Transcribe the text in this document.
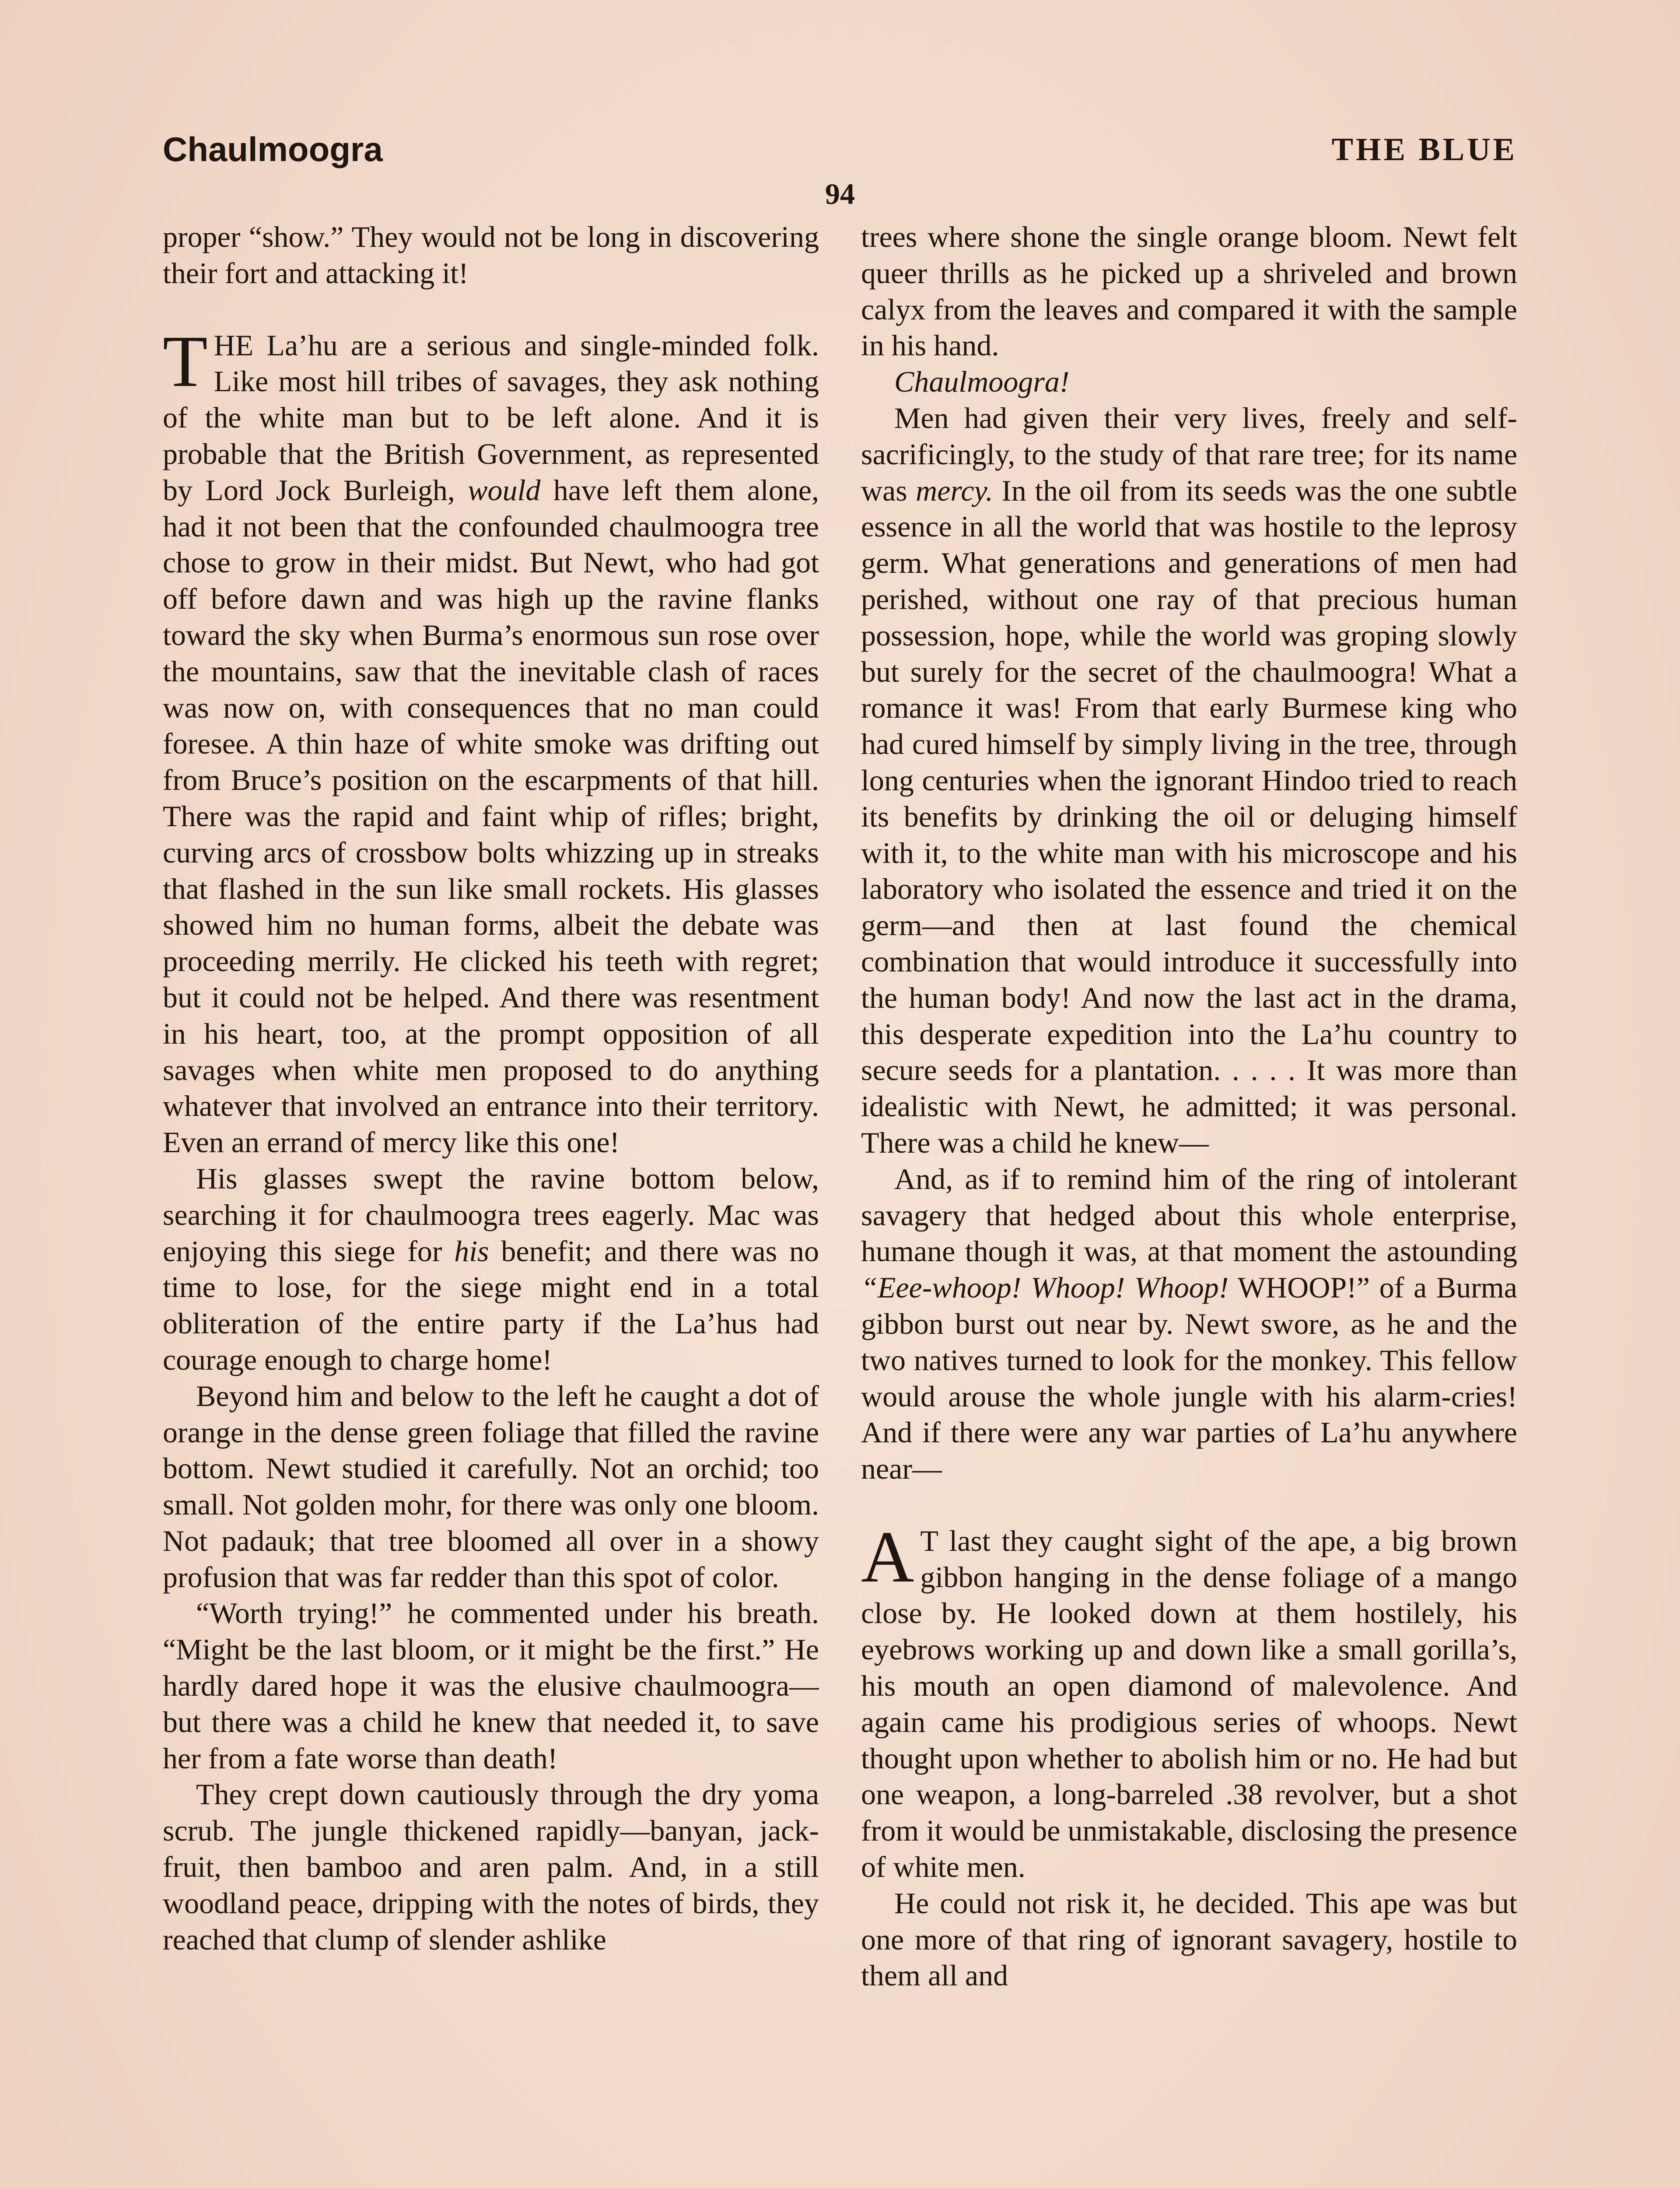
Chaulmoogra	THE BLUE
94

proper “show.” They would not be long in discovering their fort and attacking it!

THE La’hu are a serious and single-minded folk. Like most hill tribes of savages, they ask nothing of the white man but to be left alone. And it is probable that the British Government, as represented by Lord Jock Burleigh, would have left them alone, had it not been that the confounded chaulmoogra tree chose to grow in their midst. But Newt, who had got off before dawn and was high up the ravine flanks toward the sky when Burma’s enormous sun rose over the mountains, saw that the inevitable clash of races was now on, with consequences that no man could foresee. A thin haze of white smoke was drifting out from Bruce’s position on the escarpments of that hill. There was the rapid and faint whip of rifles; bright, curving arcs of crossbow bolts whizzing up in streaks that flashed in the sun like small rockets. His glasses showed him no human forms, albeit the debate was proceeding merrily. He clicked his teeth with regret; but it could not be helped. And there was resentment in his heart, too, at the prompt opposition of all savages when white men proposed to do anything whatever that involved an entrance into their territory. Even an errand of mercy like this one!

His glasses swept the ravine bottom below, searching it for chaulmoogra trees eagerly. Mac was enjoying this siege for his benefit; and there was no time to lose, for the siege might end in a total obliteration of the entire party if the La’hus had courage enough to charge home!

Beyond him and below to the left he caught a dot of orange in the dense green foliage that filled the ravine bottom. Newt studied it carefully. Not an orchid; too small. Not golden mohr, for there was only one bloom. Not padauk; that tree bloomed all over in a showy profusion that was far redder than this spot of color.

“Worth trying!” he commented under his breath. “Might be the last bloom, or it might be the first.” He hardly dared hope it was the elusive chaulmoogra—but there was a child he knew that needed it, to save her from a fate worse than death!

They crept down cautiously through the dry yoma scrub. The jungle thickened rapidly—banyan, jack-fruit, then bamboo and aren palm. And, in a still woodland peace, dripping with the notes of birds, they reached that clump of slender ashlike

trees where shone the single orange bloom. Newt felt queer thrills as he picked up a shriveled and brown calyx from the leaves and compared it with the sample in his hand.

Chaulmoogra!

Men had given their very lives, freely and self-sacrificingly, to the study of that rare tree; for its name was mercy. In the oil from its seeds was the one subtle essence in all the world that was hostile to the leprosy germ. What generations and generations of men had perished, without one ray of that precious human possession, hope, while the world was groping slowly but surely for the secret of the chaulmoogra! What a romance it was! From that early Burmese king who had cured himself by simply living in the tree, through long centuries when the ignorant Hindoo tried to reach its benefits by drinking the oil or deluging himself with it, to the white man with his microscope and his laboratory who isolated the essence and tried it on the germ—and then at last found the chemical combination that would introduce it successfully into the human body! And now the last act in the drama, this desperate expedition into the La’hu country to secure seeds for a plantation. . . . . It was more than idealistic with Newt, he admitted; it was personal. There was a child he knew—

And, as if to remind him of the ring of intolerant savagery that hedged about this whole enterprise, humane though it was, at that moment the astounding “Eee-whoop! Whoop! Whoop! WHOOP!” of a Burma gibbon burst out near by. Newt swore, as he and the two natives turned to look for the monkey. This fellow would arouse the whole jungle with his alarm-cries! And if there were any war parties of La’hu anywhere near—

A T last they caught sight of the ape, a big brown gibbon hanging in the dense foliage of a mango close by. He looked down at them hostilely, his eyebrows working up and down like a small gorilla’s, his mouth an open diamond of malevolence. And again came his prodigious series of whoops. Newt thought upon whether to abolish him or no. He had but one weapon, a long-barreled .38 revolver, but a shot from it would be unmistakable, disclosing the presence of white men.

He could not risk it, he decided. This ape was but one more of that ring of ignorant savagery, hostile to them all and
